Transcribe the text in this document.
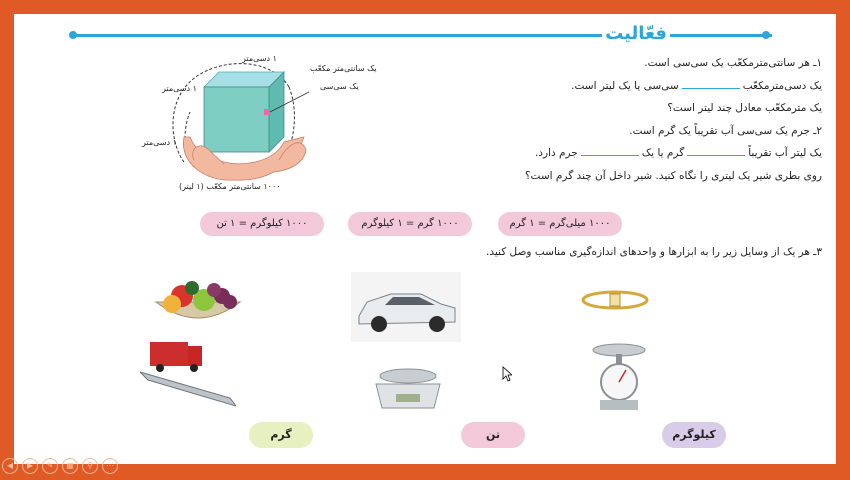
فعّالیت
۱ـ هر سانتی‌مترمکعّب یک سی‌سی است.
یک دسی‌مترمکعّبسی‌سی یا یک لیتر است.
یک مترمکعّب معادل چند لیتر است؟
۲ـ جرم یک سی‌سی آب تقریباً یک گرم است.
یک لیتر آب تقریباًگرم یا یکجرم دارد.
روی بطری شیر یک لیتری را نگاه کنید. شیر داخل آن چند گرم است؟
۱ دسی‌متر
۱ دسی‌متر
۱ دسی‌متر
یک سانتی‌متر مکعّب
یک سی‌سی
۱۰۰۰ سانتی‌متر مکعّب (۱ لیتر)
۱۰۰۰ کیلوگرم = ۱ تن	۱۰۰۰ گرم = ۱ کیلوگرم	۱۰۰۰ میلی‌گرم = ۱ گرم
۳ـ هر یک از وسایل زیر را به ابزارها و واحدهای اندازه‌گیری مناسب وصل کنید.
گرم	تن	کیلوگرم
◀	▶	✎	▦	⚲	⋯
